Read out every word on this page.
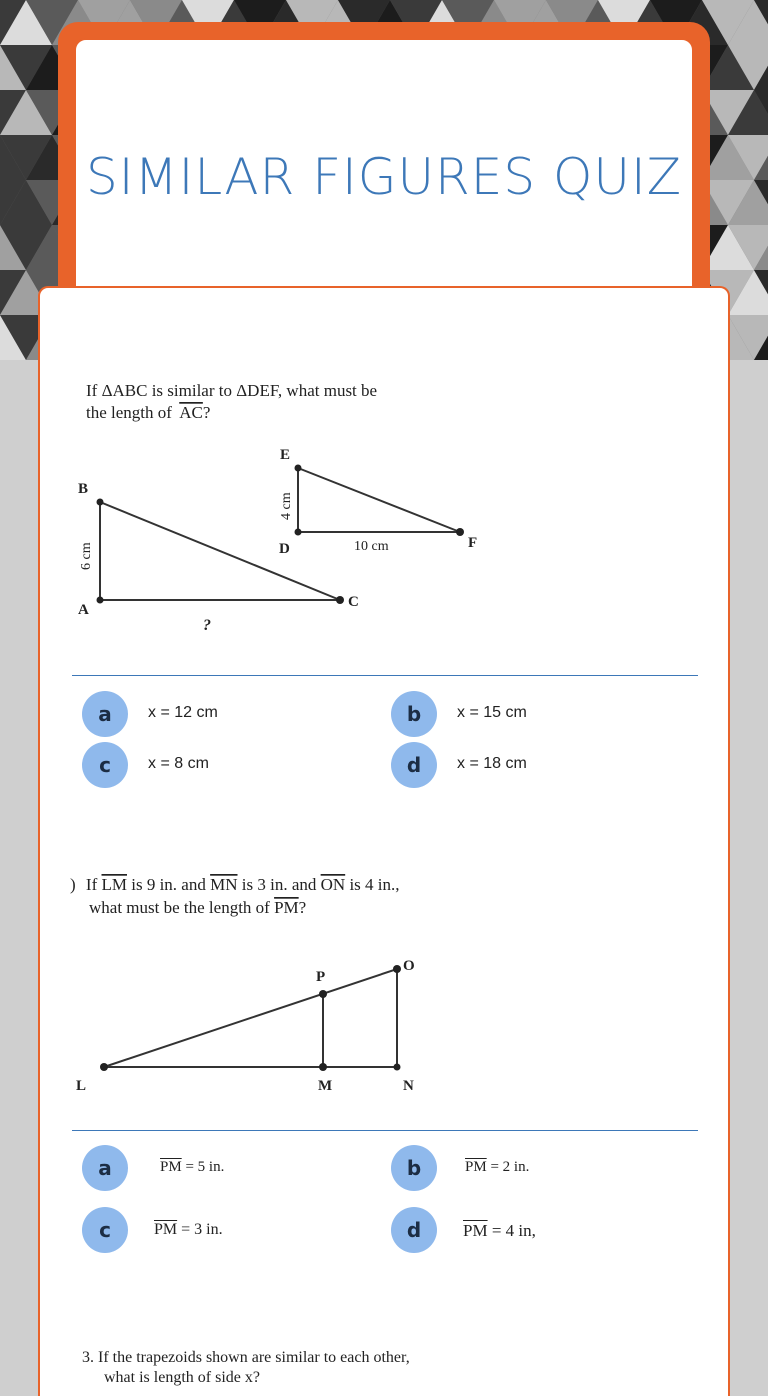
SIMILAR FIGURES QUIZ
If ΔABC is similar to ΔDEF, what must be
the length of AC?
B
A	C
6 cm
?
E
D	F
4 cm
10 cm
a	x = 12 cm	b	x = 15 cm
c	x = 8 cm	d	x = 18 cm
) If LM is 9 in. and MN is 3 in. and ON is 4 in.,
what must be the length of PM?
L	M	N
O
P
a	$\overline{PM} = 5$ in.	b	$\overline{PM} = 2$ in.
c	$\overline{PM} = 3$ in.	d	$\overline{PM} = 4$ in,
3. If the trapezoids shown are similar to each other,
what is length of side x?
